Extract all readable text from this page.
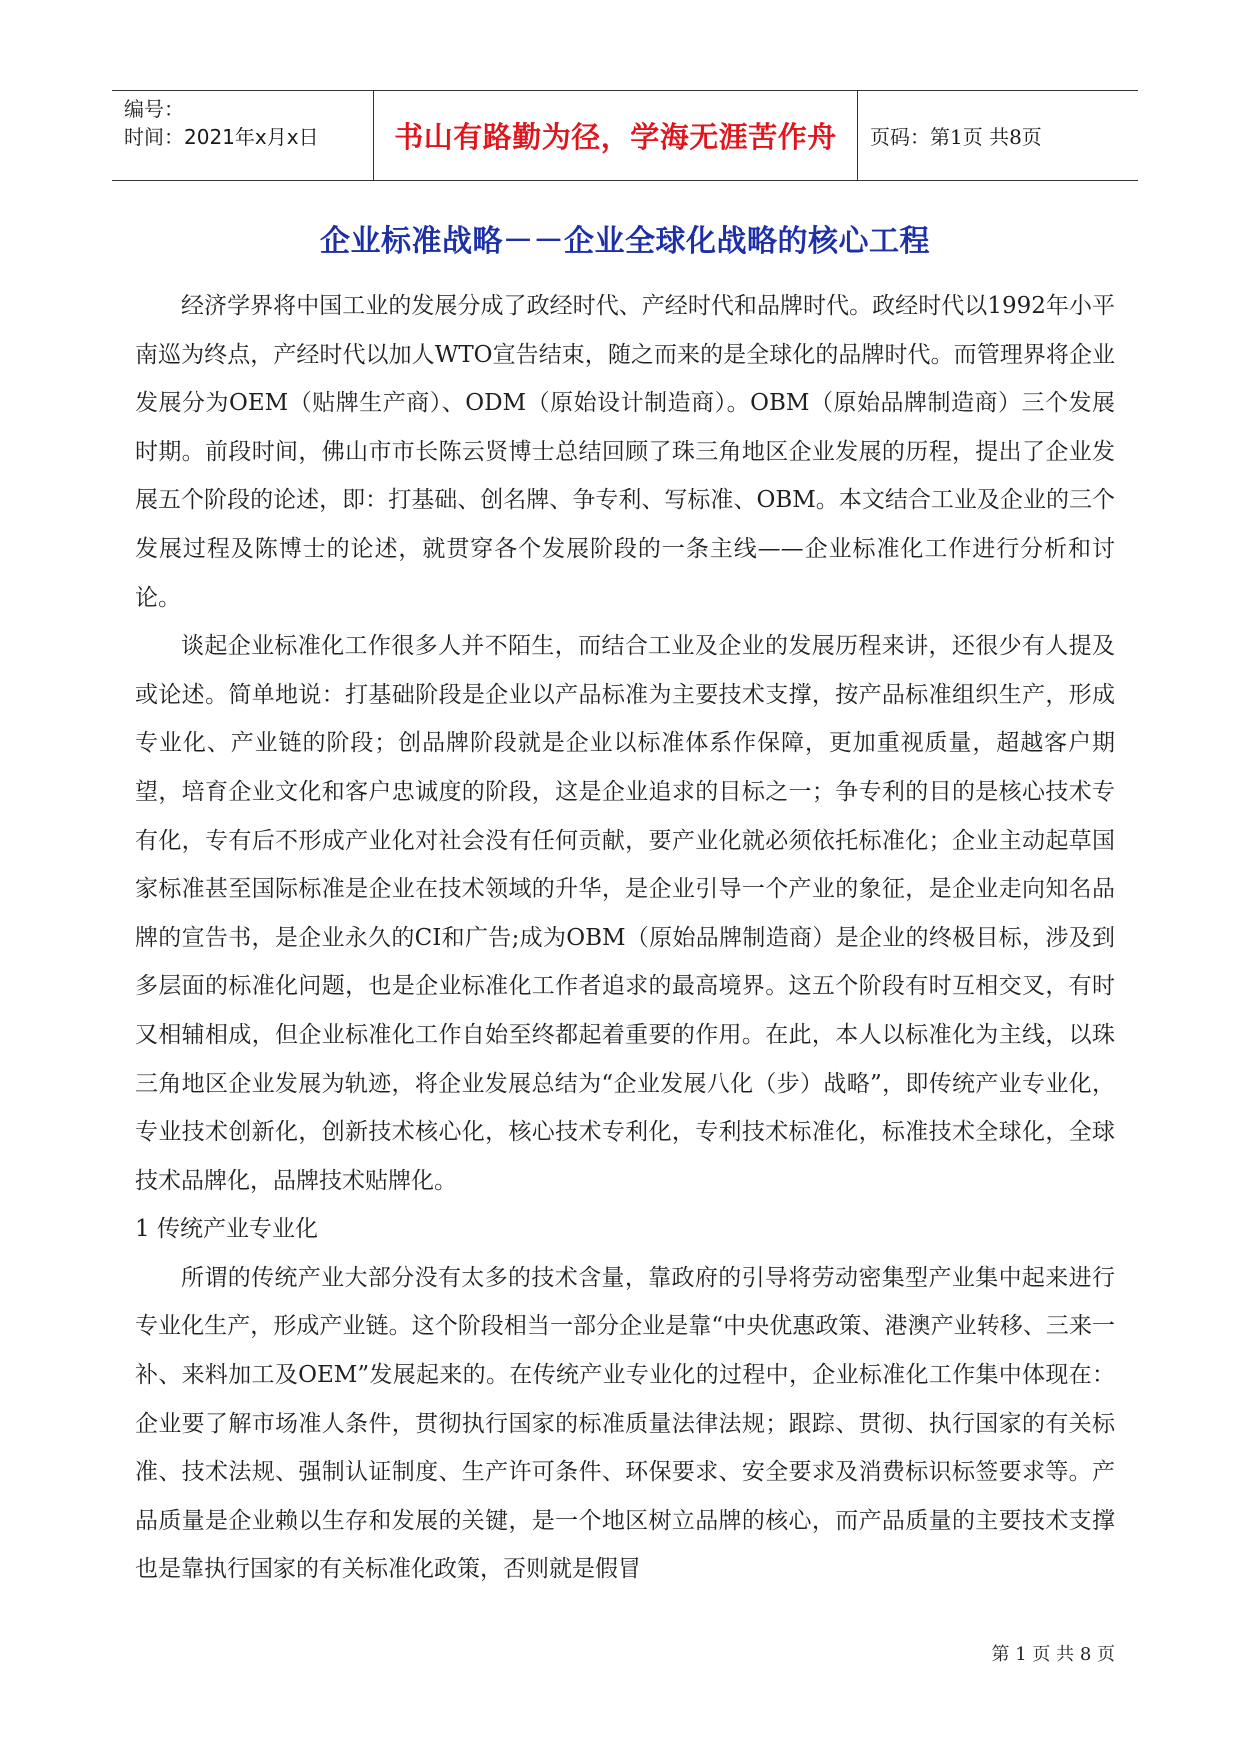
编号：
时间：2021年x月x日	书山有路勤为径，学海无涯苦作舟 页码：第1页 共8页
企业标准战略－－企业全球化战略的核心工程

经济学界将中国工业的发展分成了政经时代、产经时代和品牌时代。政经时代以1992年小平南巡为终点，产经时代以加人WTO宣告结束，随之而来的是全球化的品牌时代。而管理界将企业发展分为OEM（贴牌生产商）、ODM（原始设计制造商）。OBM（原始品牌制造商）三个发展时期。前段时间，佛山市市长陈云贤博士总结回顾了珠三角地区企业发展的历程，提出了企业发展五个阶段的论述，即：打基础、创名牌、争专利、写标准、OBM。本文结合工业及企业的三个发展过程及陈博士的论述，就贯穿各个发展阶段的一条主线——企业标准化工作进行分析和讨论。

谈起企业标准化工作很多人并不陌生，而结合工业及企业的发展历程来讲，还很少有人提及或论述。简单地说：打基础阶段是企业以产品标准为主要技术支撑，按产品标准组织生产，形成专业化、产业链的阶段；创品牌阶段就是企业以标准体系作保障，更加重视质量，超越客户期望，培育企业文化和客户忠诚度的阶段，这是企业追求的目标之一；争专利的目的是核心技术专有化，专有后不形成产业化对社会没有任何贡献，要产业化就必须依托标准化；企业主动起草国家标准甚至国际标准是企业在技术领域的升华，是企业引导一个产业的象征，是企业走向知名品牌的宣告书，是企业永久的CI和广告;成为OBM（原始品牌制造商）是企业的终极目标，涉及到多层面的标准化问题，也是企业标准化工作者追求的最高境界。这五个阶段有时互相交叉，有时又相辅相成，但企业标准化工作自始至终都起着重要的作用。在此，本人以标准化为主线，以珠三角地区企业发展为轨迹，将企业发展总结为“企业发展八化（步）战略”，即传统产业专业化，专业技术创新化，创新技术核心化，核心技术专利化，专利技术标准化，标准技术全球化，全球技术品牌化，品牌技术贴牌化。

1 传统产业专业化

所谓的传统产业大部分没有太多的技术含量，靠政府的引导将劳动密集型产业集中起来进行专业化生产，形成产业链。这个阶段相当一部分企业是靠“中央优惠政策、港澳产业转移、三来一补、来料加工及OEM”发展起来的。在传统产业专业化的过程中，企业标准化工作集中体现在：企业要了解市场准人条件，贯彻执行国家的标准质量法律法规；跟踪、贯彻、执行国家的有关标准、技术法规、强制认证制度、生产许可条件、环保要求、安全要求及消费标识标签要求等。产品质量是企业赖以生存和发展的关键，是一个地区树立品牌的核心，而产品质量的主要技术支撑也是靠执行国家的有关标准化政策，否则就是假冒

第 1 页 共 8 页
